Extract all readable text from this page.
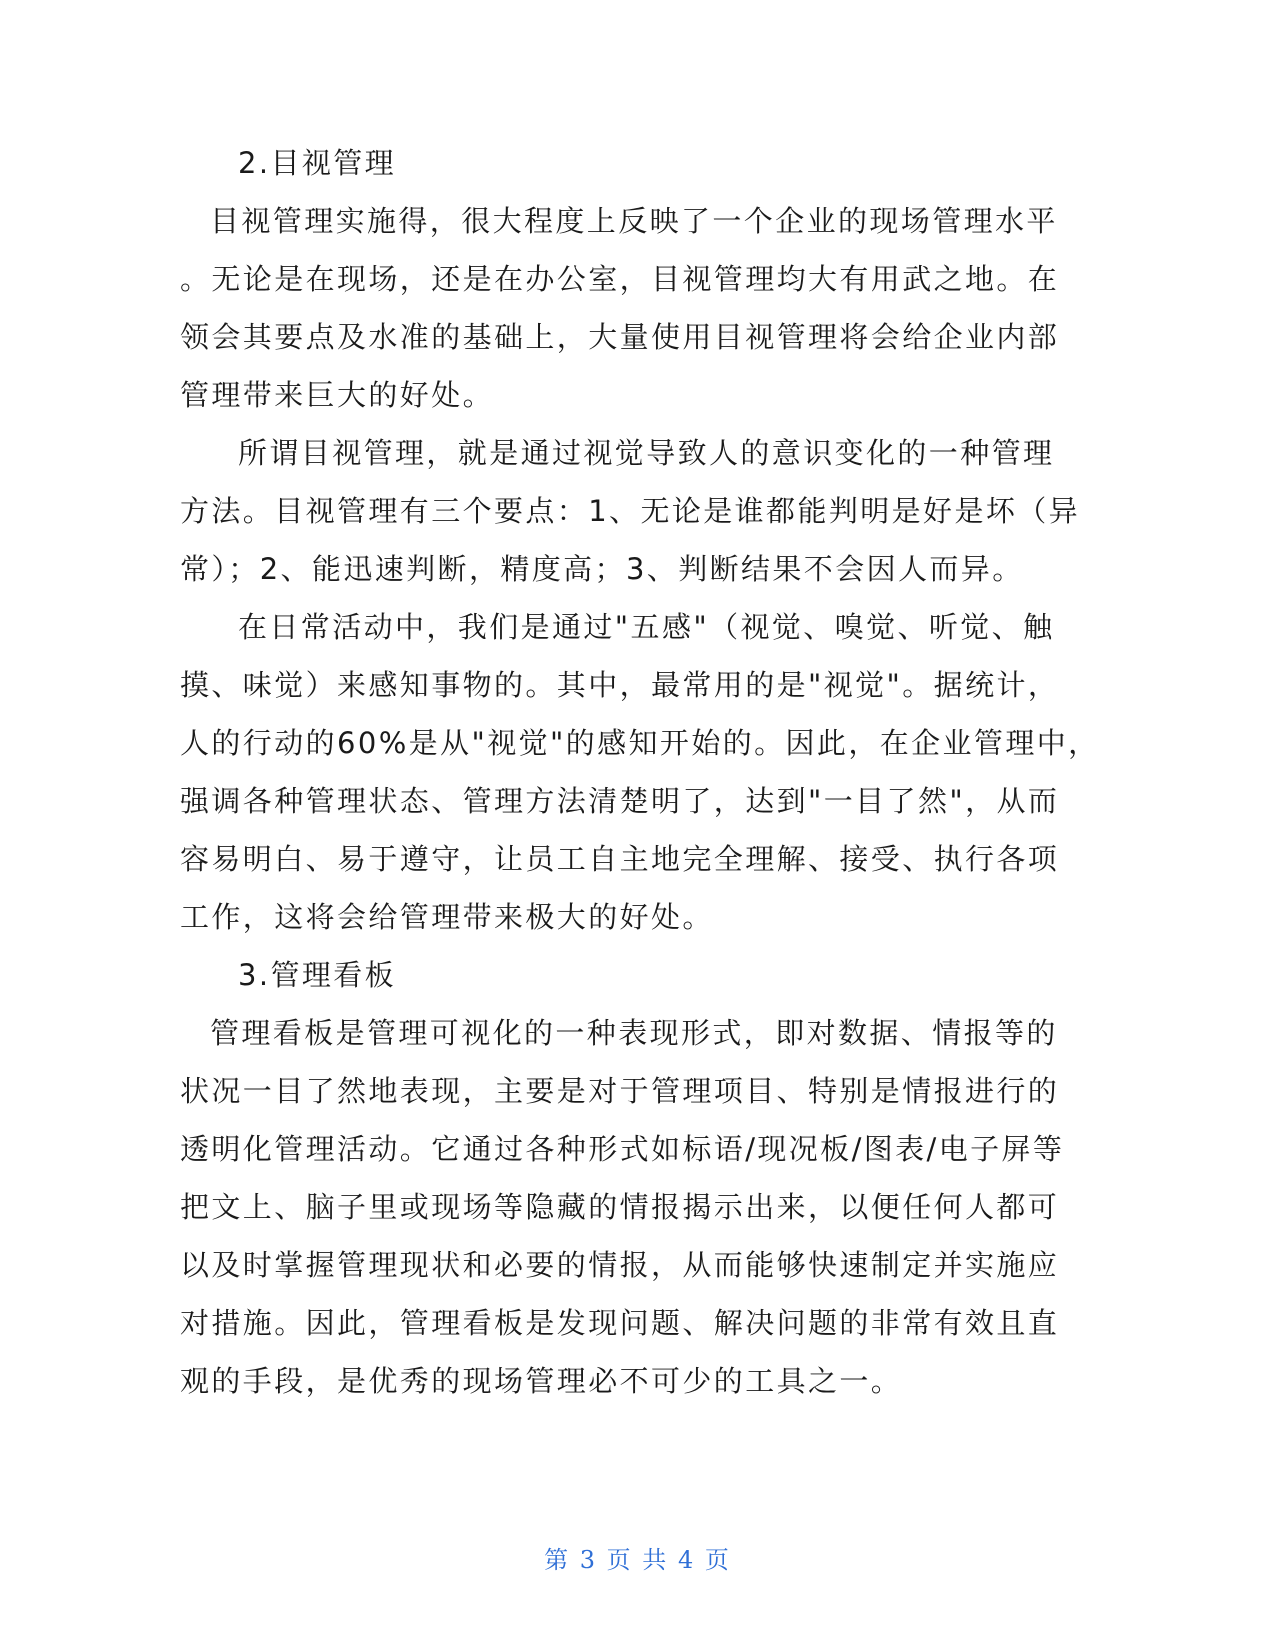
2.目视管理
目视管理实施得，很大程度上反映了一个企业的现场管理水平
。无论是在现场，还是在办公室，目视管理均大有用武之地。在
领会其要点及水准的基础上，大量使用目视管理将会给企业内部
管理带来巨大的好处。
所谓目视管理，就是通过视觉导致人的意识变化的一种管理
方法。目视管理有三个要点：1、无论是谁都能判明是好是坏（异
常）；2、能迅速判断，精度高；3、判断结果不会因人而异。
在日常活动中，我们是通过"五感"（视觉、嗅觉、听觉、触
摸、味觉）来感知事物的。其中，最常用的是"视觉"。据统计，
人的行动的60%是从"视觉"的感知开始的。因此，在企业管理中，
强调各种管理状态、管理方法清楚明了，达到"一目了然"，从而
容易明白、易于遵守，让员工自主地完全理解、接受、执行各项
工作，这将会给管理带来极大的好处。
3.管理看板
管理看板是管理可视化的一种表现形式，即对数据、情报等的
状况一目了然地表现，主要是对于管理项目、特别是情报进行的
透明化管理活动。它通过各种形式如标语/现况板/图表/电子屏等
把文上、脑子里或现场等隐藏的情报揭示出来，以便任何人都可
以及时掌握管理现状和必要的情报，从而能够快速制定并实施应
对措施。因此，管理看板是发现问题、解决问题的非常有效且直
观的手段，是优秀的现场管理必不可少的工具之一。
第 3 页 共 4 页
